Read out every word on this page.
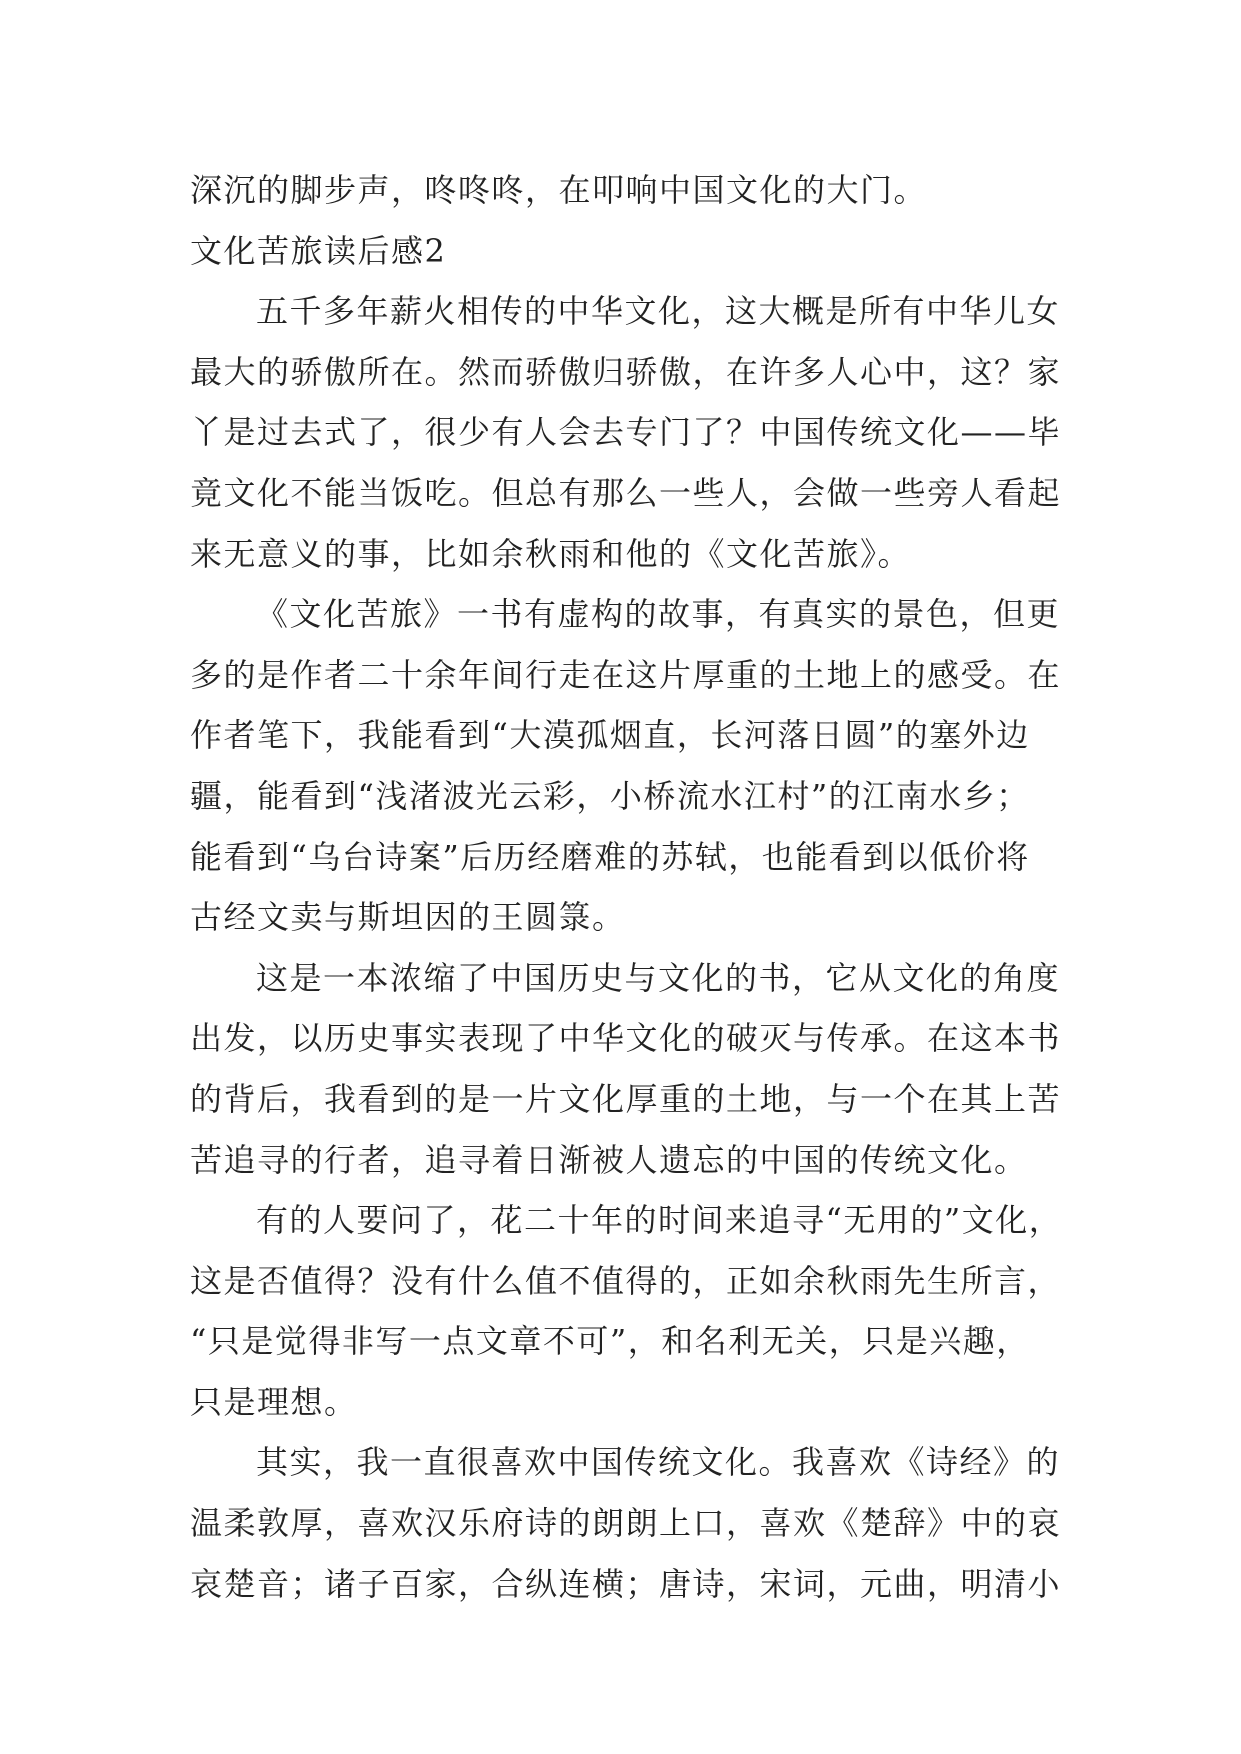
深沉的脚步声，咚咚咚，在叩响中国文化的大门。
文化苦旅读后感2
五千多年薪火相传的中华文化，这大概是所有中华儿女
最大的骄傲所在。然而骄傲归骄傲，在许多人心中，这？家
丫是过去式了，很少有人会去专门了？中国传统文化——毕
竟文化不能当饭吃。但总有那么一些人，会做一些旁人看起
来无意义的事，比如余秋雨和他的《文化苦旅》。
《文化苦旅》一书有虚构的故事，有真实的景色，但更
多的是作者二十余年间行走在这片厚重的土地上的感受。在
作者笔下，我能看到“大漠孤烟直，长河落日圆”的塞外边
疆，能看到“浅渚波光云彩，小桥流水江村”的江南水乡；
能看到“乌台诗案”后历经磨难的苏轼，也能看到以低价将
古经文卖与斯坦因的王圆箓。
这是一本浓缩了中国历史与文化的书，它从文化的角度
出发，以历史事实表现了中华文化的破灭与传承。在这本书
的背后，我看到的是一片文化厚重的土地，与一个在其上苦
苦追寻的行者，追寻着日渐被人遗忘的中国的传统文化。
有的人要问了，花二十年的时间来追寻“无用的”文化，
这是否值得？没有什么值不值得的，正如余秋雨先生所言，
“只是觉得非写一点文章不可”，和名利无关，只是兴趣，
只是理想。
其实，我一直很喜欢中国传统文化。我喜欢《诗经》的
温柔敦厚，喜欢汉乐府诗的朗朗上口，喜欢《楚辞》中的哀
哀楚音；诸子百家，合纵连横；唐诗，宋词，元曲，明清小
